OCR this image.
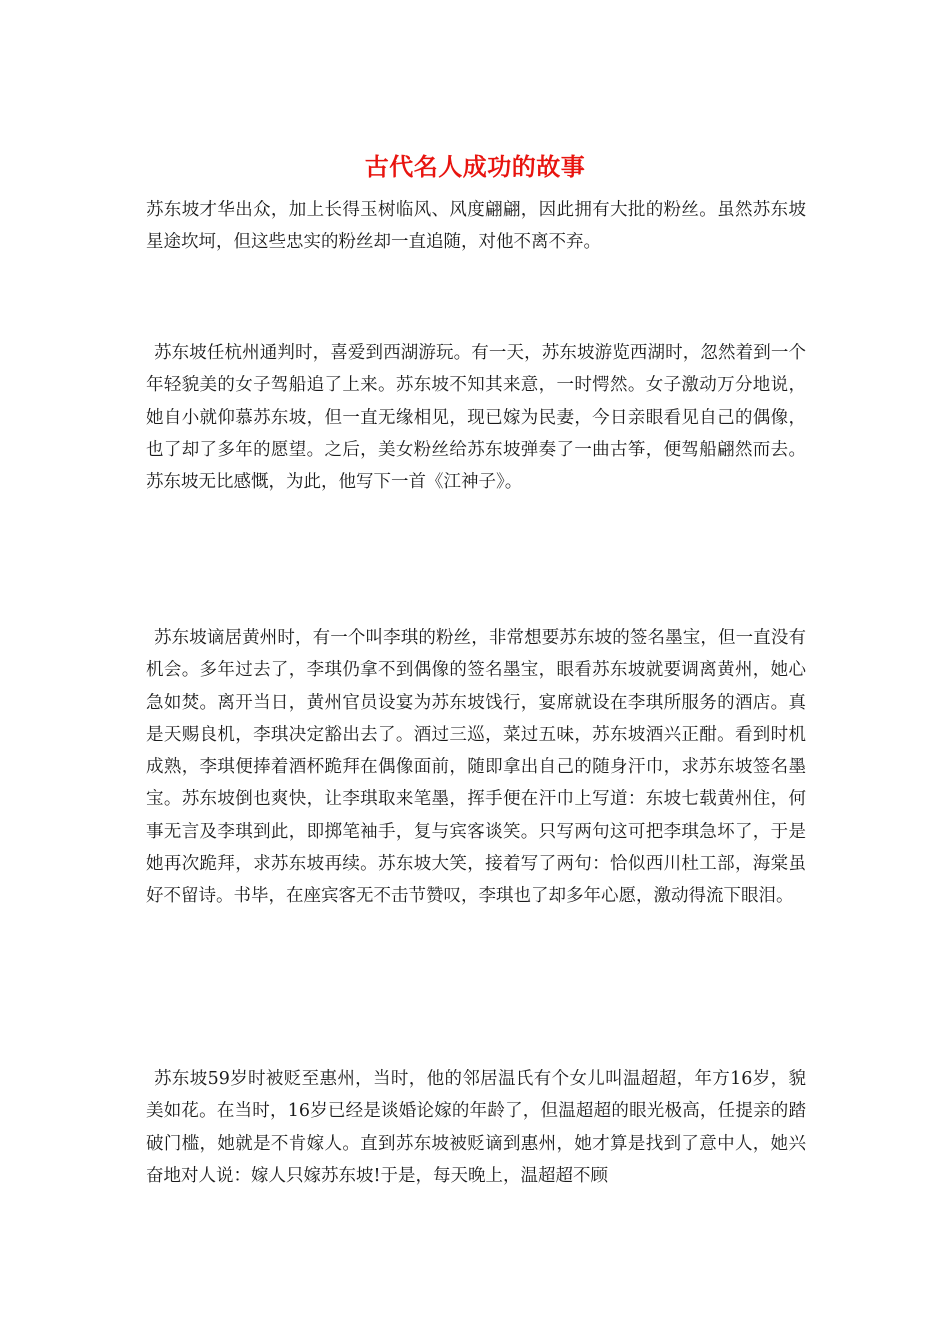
古代名人成功的故事

苏东坡才华出众，加上长得玉树临风、风度翩翩，因此拥有大批的粉丝。虽然苏东坡星途坎坷，但这些忠实的粉丝却一直追随，对他不离不弃。

苏东坡任杭州通判时，喜爱到西湖游玩。有一天，苏东坡游览西湖时，忽然着到一个年轻貌美的女子驾船追了上来。苏东坡不知其来意，一时愕然。女子激动万分地说，她自小就仰慕苏东坡，但一直无缘相见，现已嫁为民妻，今日亲眼看见自己的偶像，也了却了多年的愿望。之后，美女粉丝给苏东坡弹奏了一曲古筝，便驾船翩然而去。苏东坡无比感慨，为此，他写下一首《江神子》。

苏东坡谪居黄州时，有一个叫李琪的粉丝，非常想要苏东坡的签名墨宝，但一直没有机会。多年过去了，李琪仍拿不到偶像的签名墨宝，眼看苏东坡就要调离黄州，她心急如焚。离开当日，黄州官员设宴为苏东坡饯行，宴席就设在李琪所服务的酒店。真是天赐良机，李琪决定豁出去了。酒过三巡，菜过五味，苏东坡酒兴正酣。看到时机成熟，李琪便捧着酒杯跪拜在偶像面前，随即拿出自己的随身汗巾，求苏东坡签名墨宝。苏东坡倒也爽快，让李琪取来笔墨，挥手便在汗巾上写道：东坡七载黄州住，何事无言及李琪到此，即掷笔袖手，复与宾客谈笑。只写两句这可把李琪急坏了，于是她再次跪拜，求苏东坡再续。苏东坡大笑，接着写了两句：恰似西川杜工部，海棠虽好不留诗。书毕，在座宾客无不击节赞叹，李琪也了却多年心愿，激动得流下眼泪。

苏东坡59岁时被贬至惠州，当时，他的邻居温氏有个女儿叫温超超，年方16岁，貌美如花。在当时，16岁已经是谈婚论嫁的年龄了，但温超超的眼光极高，任提亲的踏破门槛，她就是不肯嫁人。直到苏东坡被贬谪到惠州，她才算是找到了意中人，她兴奋地对人说：嫁人只嫁苏东坡!于是，每天晚上，温超超不顾
